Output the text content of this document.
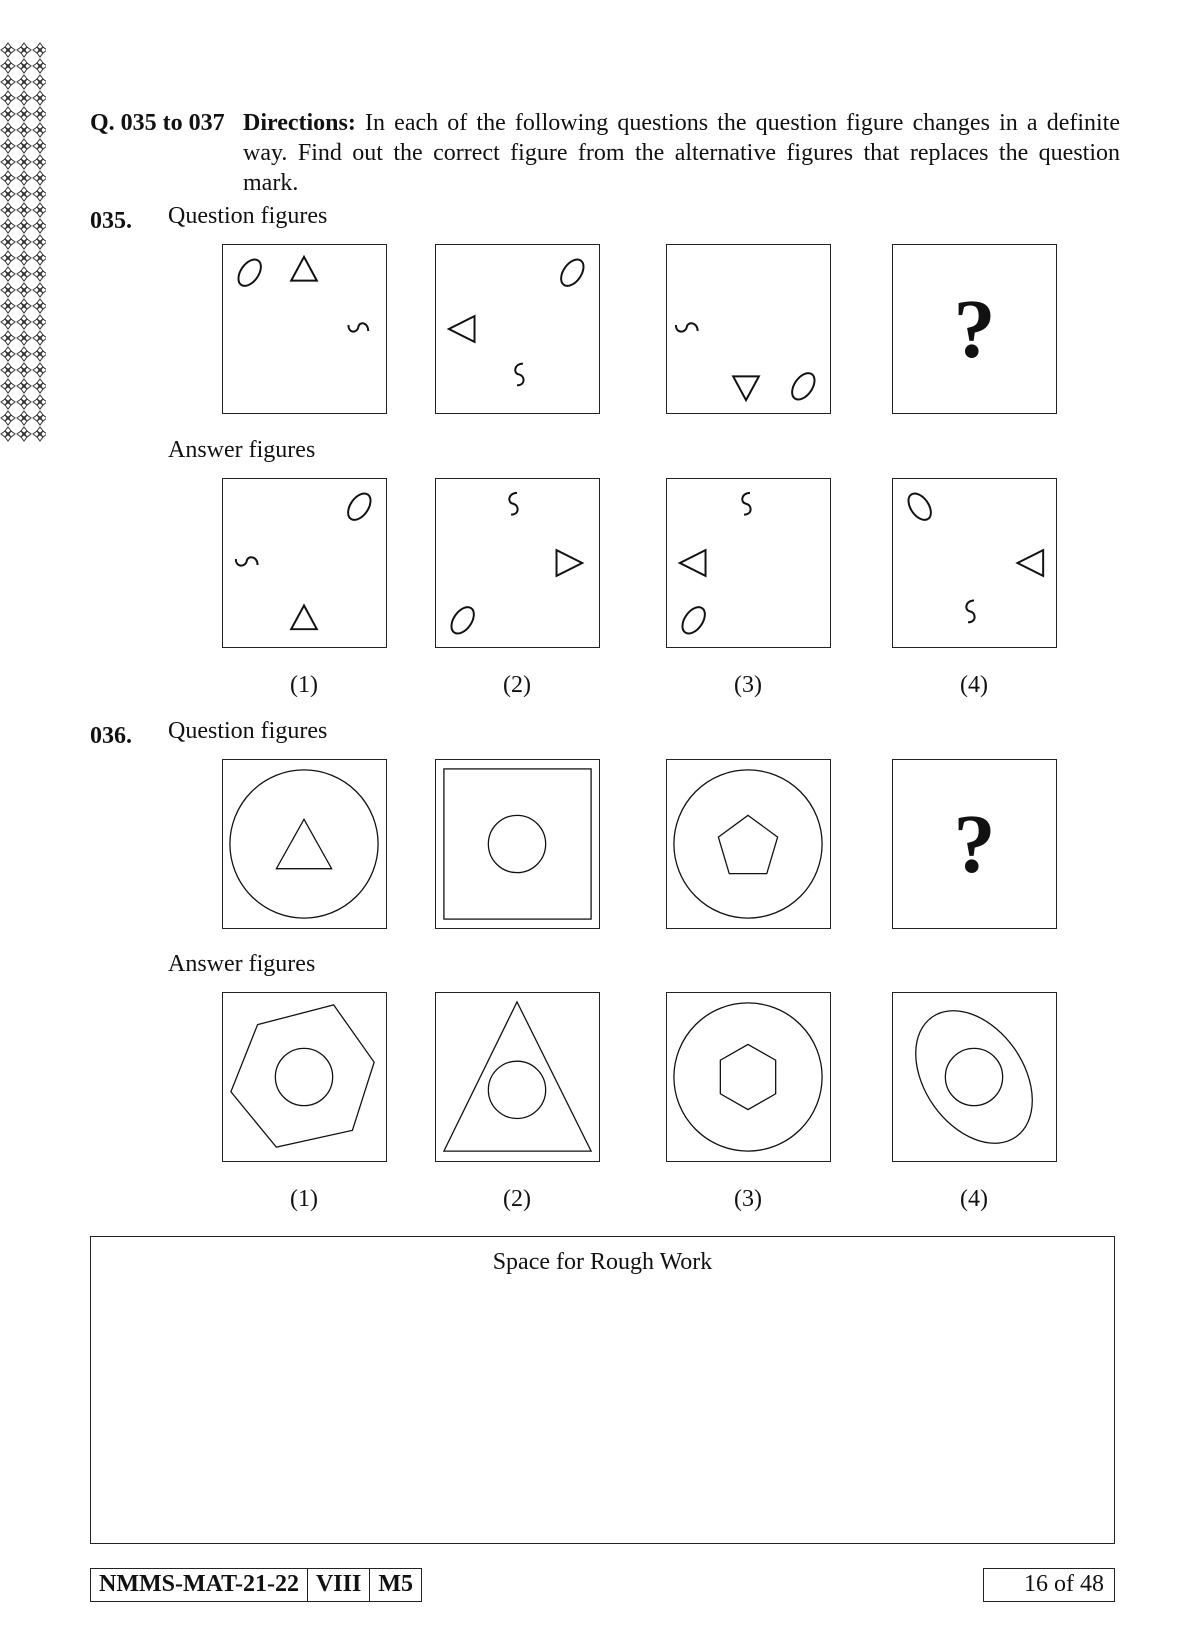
Q. 035 to 037 Directions: In each of the following questions the question figure changes in a definite way. Find out the correct figure from the alternative figures that replaces the question mark.
035. Question figures
?
Answer figures
(1)	(2)	(3)	(4)
036. Question figures
?
Answer figures
(1)	(2)	(3)	(4)
Space for Rough Work
NMMS-MAT-21-22 VIII M5	16 of 48
